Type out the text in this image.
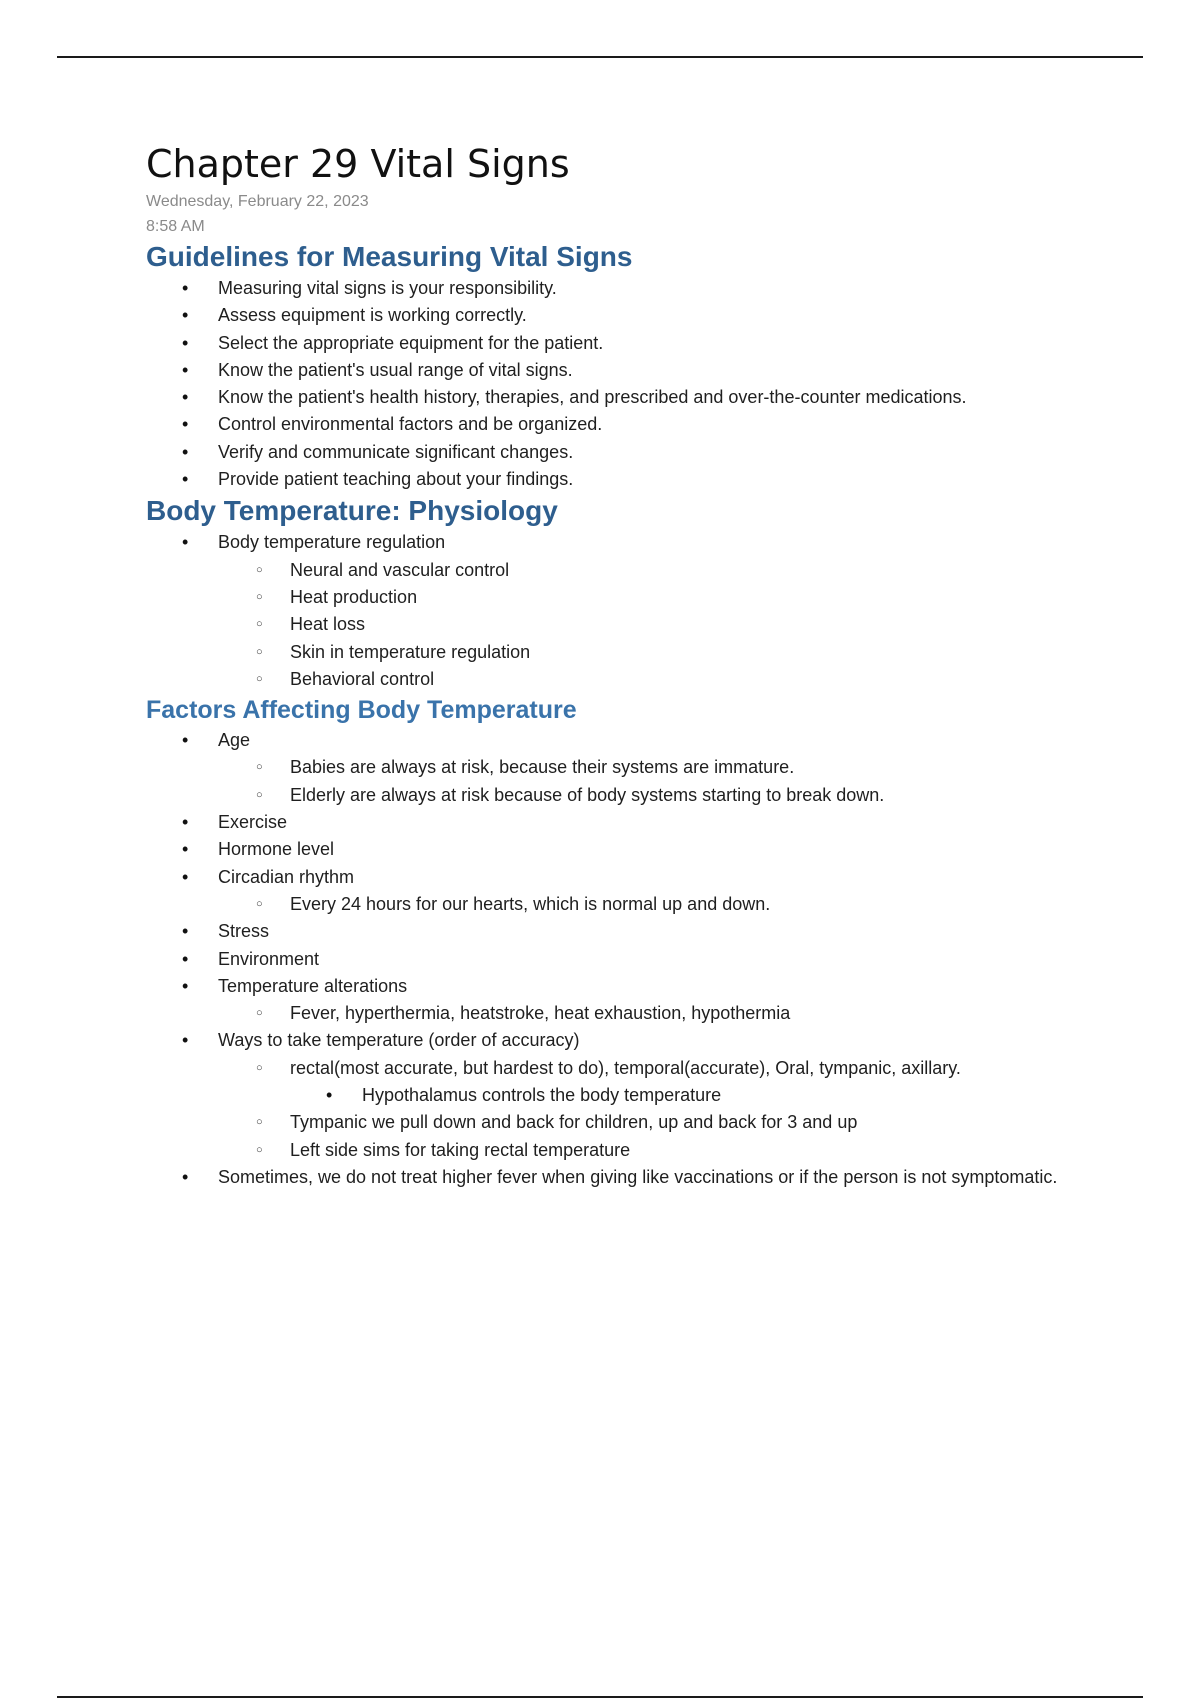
Chapter 29 Vital Signs
Wednesday, February 22, 2023
8:58 AM
Guidelines for Measuring Vital Signs
• Measuring vital signs is your responsibility.
• Assess equipment is working correctly.
• Select the appropriate equipment for the patient.
• Know the patient's usual range of vital signs.
• Know the patient's health history, therapies, and prescribed and over-the-counter medications.
• Control environmental factors and be organized.
• Verify and communicate significant changes.
• Provide patient teaching about your findings.
Body Temperature: Physiology
• Body temperature regulation
○ Neural and vascular control
○ Heat production
○ Heat loss
○ Skin in temperature regulation
○ Behavioral control
Factors Affecting Body Temperature
• Age
○ Babies are always at risk, because their systems are immature.
○ Elderly are always at risk because of body systems starting to break down.
• Exercise
• Hormone level
• Circadian rhythm
○ Every 24 hours for our hearts, which is normal up and down.
• Stress
• Environment
• Temperature alterations
○ Fever, hyperthermia, heatstroke, heat exhaustion, hypothermia
• Ways to take temperature (order of accuracy)
○ rectal(most accurate, but hardest to do), temporal(accurate), Oral, tympanic, axillary.
• Hypothalamus controls the body temperature
○ Tympanic we pull down and back for children, up and back for 3 and up
○ Left side sims for taking rectal temperature
• Sometimes, we do not treat higher fever when giving like vaccinations or if the person is not symptomatic.
